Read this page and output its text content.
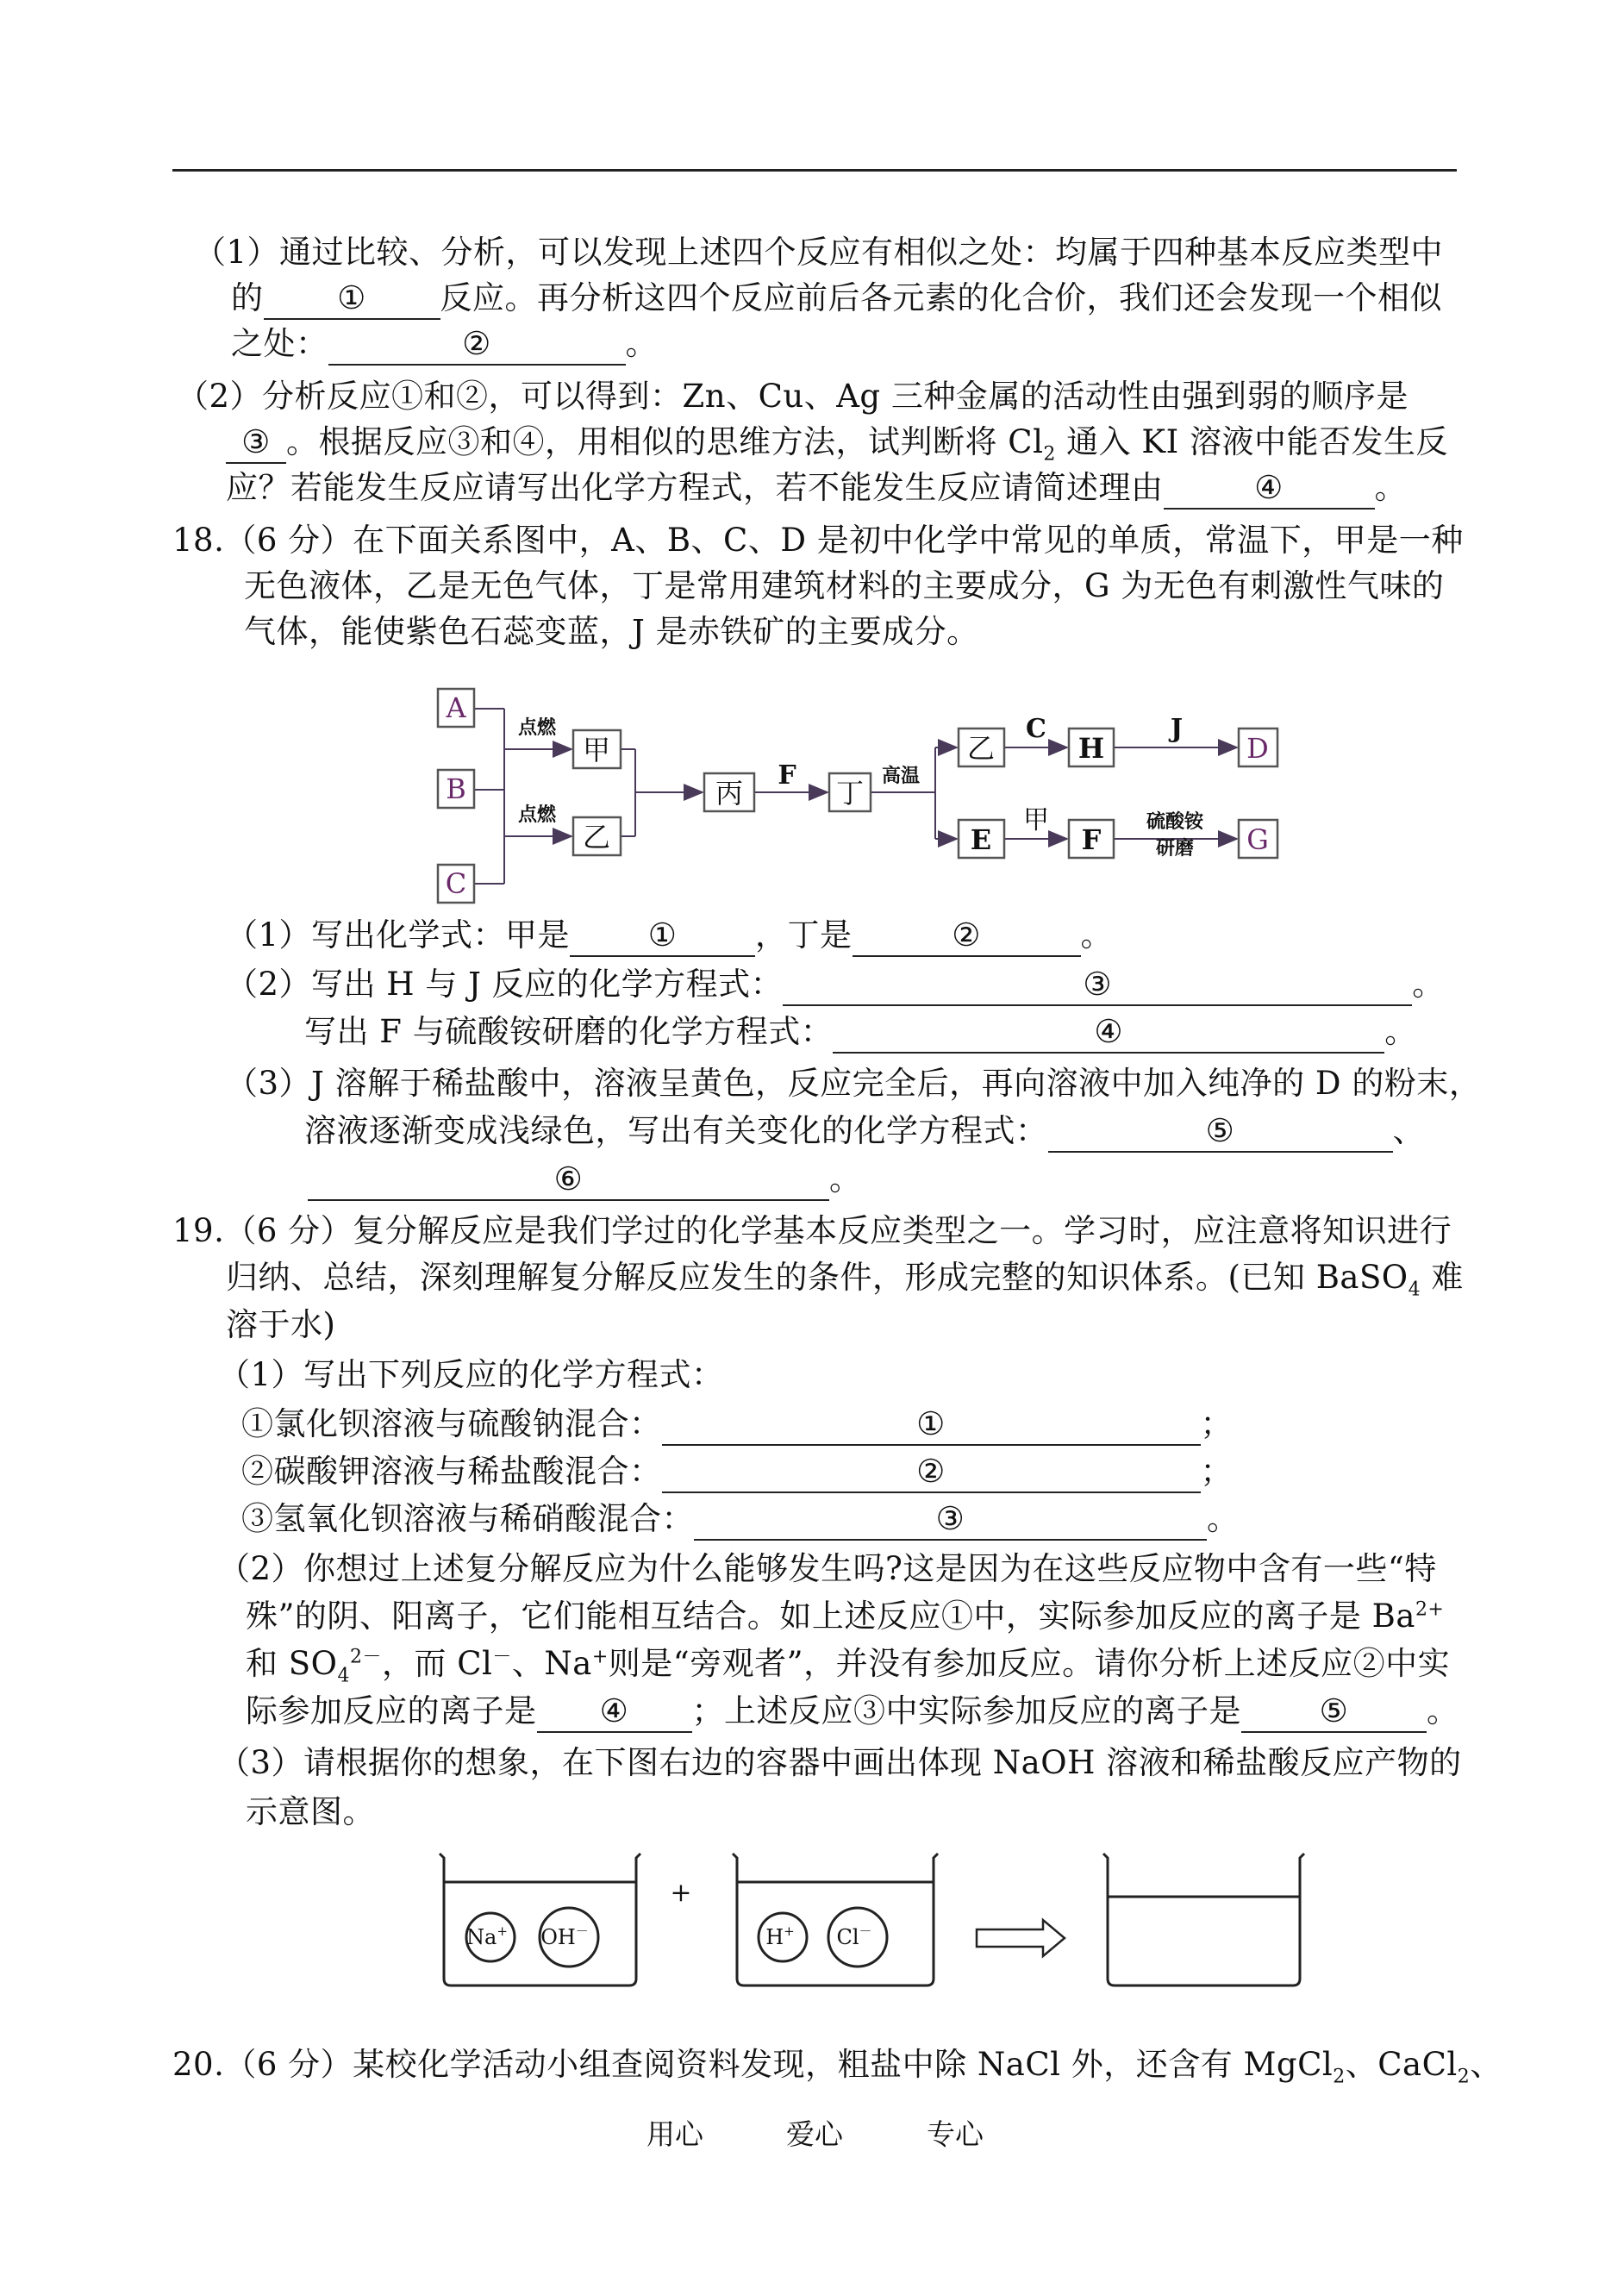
（1）通过比较、分析，可以发现上述四个反应有相似之处：均属于四种基本反应类型中
的 ① 反应。再分析这四个反应前后各元素的化合价，我们还会发现一个相似
之处：	②	。
（2）分析反应①和②，可以得到：Zn、Cu、Ag 三种金属的活动性由强到弱的顺序是
③ 。根据反应③和④，用相似的思维方法，试判断将 $Cl_2$ 通入 KI 溶液中能否发生反
应？若能发生反应请写出化学方程式，若不能发生反应请简述理由	④	。
18.（6 分）在下面关系图中，A、B、C、D 是初中化学中常见的单质，常温下，甲是一种
无色液体，乙是无色气体，丁是常用建筑材料的主要成分，G 为无色有刺激性气味的
气体，能使紫色石蕊变蓝，J 是赤铁矿的主要成分。
A
B
C
甲
乙
丙	丁
乙	H	D
E	F	G
点燃
点燃
高温
硫酸铵
研磨
F
C	J
甲
（1）写出化学式：甲是 ① ，丁是	②	。
（2）写出 H 与 J 反应的化学方程式：	③	。
写出 F 与硫酸铵研磨的化学方程式：	④	。
（3）J 溶解于稀盐酸中，溶液呈黄色，反应完全后，再向溶液中加入纯净的 D 的粉末，
溶液逐渐变成浅绿色，写出有关变化的化学方程式：	⑤	、
⑥	。
19.（6 分）复分解反应是我们学过的化学基本反应类型之一。学习时，应注意将知识进行
归纳、总结，深刻理解复分解反应发生的条件，形成完整的知识体系。(已知 BaSO$_4$ 难
溶于水)
（1）写出下列反应的化学方程式：
①氯化钡溶液与硫酸钠混合：	①	；
②碳酸钾溶液与稀盐酸混合：	②	；
③氢氧化钡溶液与稀硝酸混合：	③	。
（2）你想过上述复分解反应为什么能够发生吗?这是因为在这些反应物中含有一些“特
殊”的阴、阳离子，它们能相互结合。如上述反应①中，实际参加反应的离子是 $Ba^{2+}$
和 $SO_4^{2-}$，而 Cl－、Na+则是“旁观者”，并没有参加反应。请你分析上述反应②中实
际参加反应的离子是 ④ ；上述反应③中实际参加反应的离子是 ⑤ 。
（3）请根据你的想象，在下图右边的容器中画出体现 NaOH 溶液和稀盐酸反应产物的
示意图。
Na+ OH－	H+ Cl－
+
20.（6 分）某校化学活动小组查阅资料发现，粗盐中除 NaCl 外，还含有 MgCl$_2$、CaCl$_2$、
用心	爱心	专心
